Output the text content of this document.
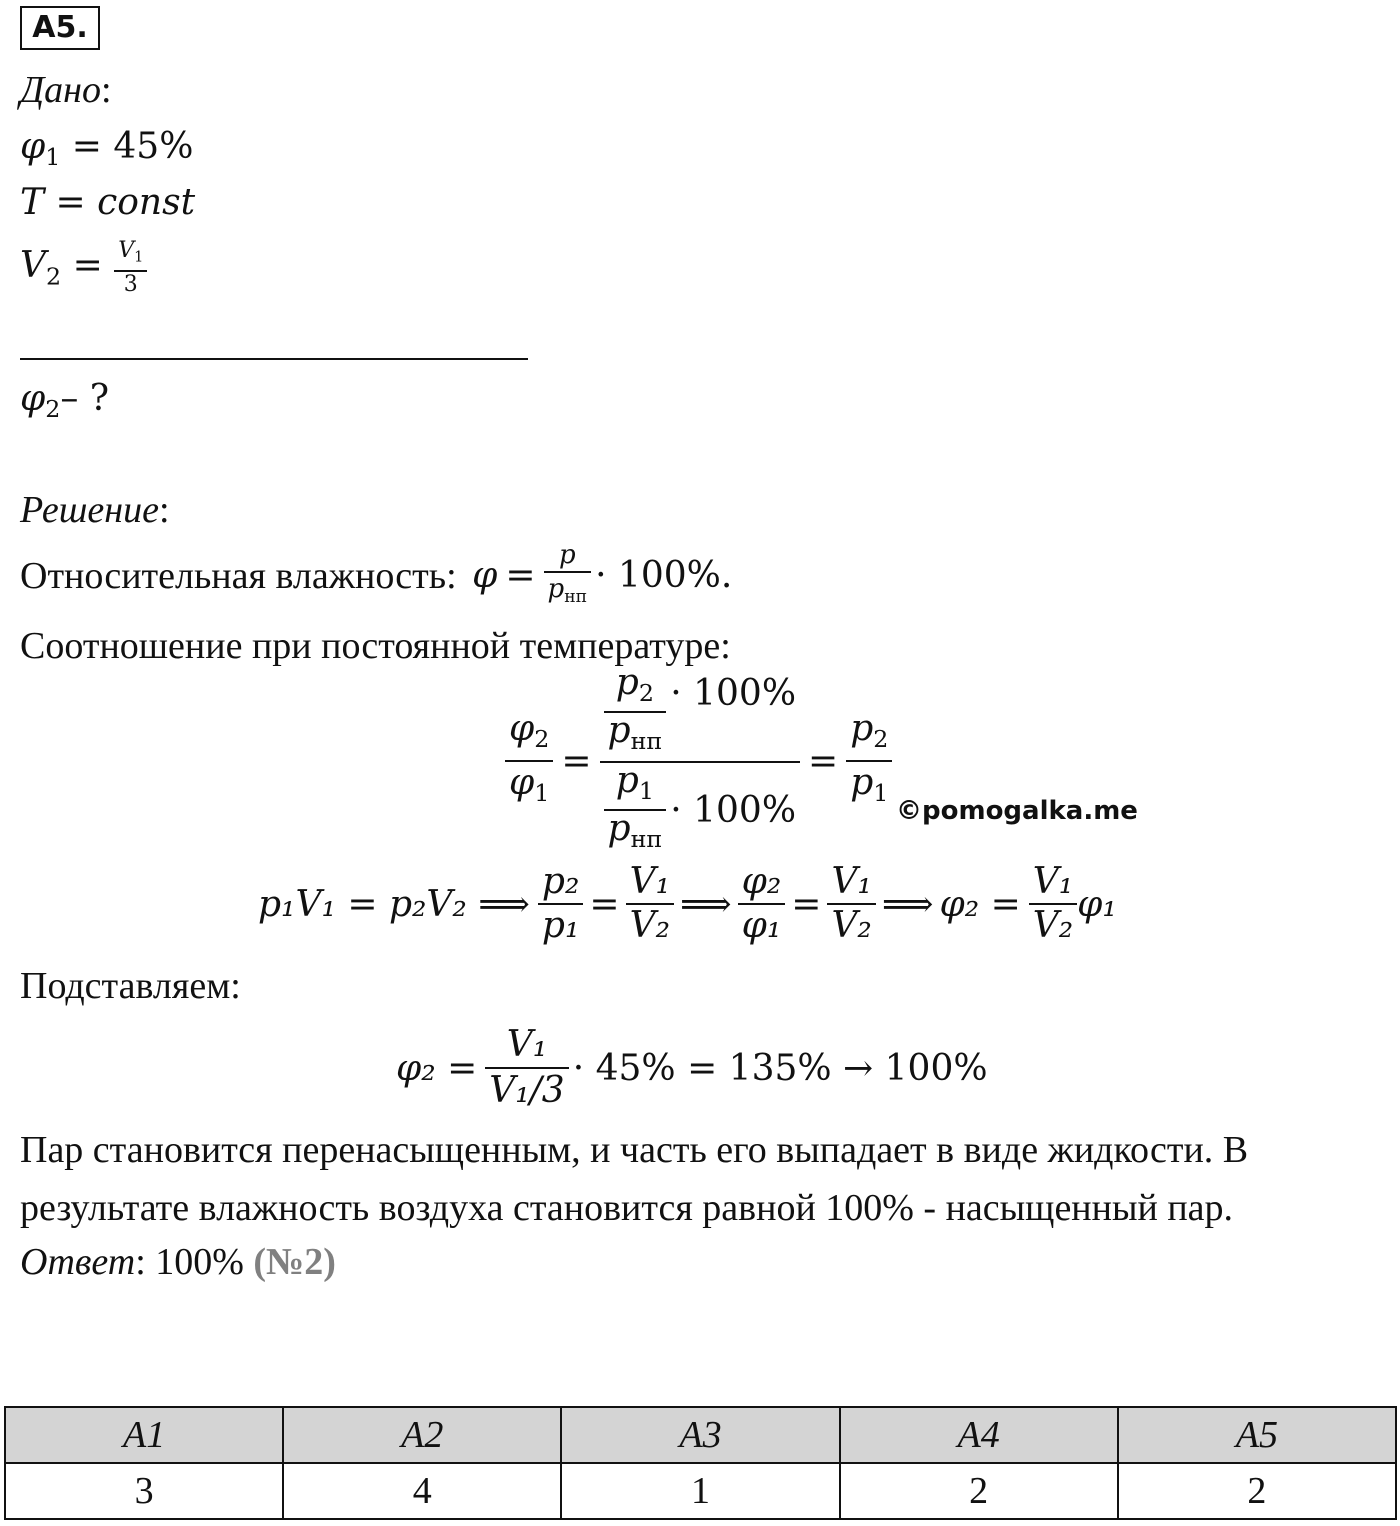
A5.
Дано:
$\varphi_1 = 45\%$
T = const
$V_2 = \frac{V_1}{3}$
$\varphi_2-$ ?
Решение:
Относительная влажность: $\varphi = \frac{p}{p_{нп}} \cdot 100\%$.
Соотношение при постоянной температуре:
$\frac{\varphi_2}{\varphi_1} = \frac{\frac{p_2}{p_{нп}} \cdot 100\%}{\frac{p_1}{p_{нп}} \cdot 100\%} = \frac{p_2}{p_1}$ ©pomogalka.me
p₁V₁ = p₂V₂ ⟹ $\frac{\text{p₂}}{\text{p₁}} = \frac{\text{V₁}}{\text{V₂}}$ ⟹ $\frac{\text{φ₂}}{\text{φ₁}} = \frac{\text{V₁}}{\text{V₂}}$ ⟹ $\varphi_2 = \frac{\text{V₁}}{\text{V₂}} \varphi_1$
Подставляем:
$\varphi_2 = \frac{\text{V₁}}{\text{V₁/3}} \cdot 45\% = 135\% \to 100\%$
Пар становится перенасыщенным, и часть его выпадает в виде жидкости. В
результате влажность воздуха становится равной 100% - насыщенный пар.
Ответ: 100% (№2)
A1	A2	A3	A4	A5
3	4	1	2	2
